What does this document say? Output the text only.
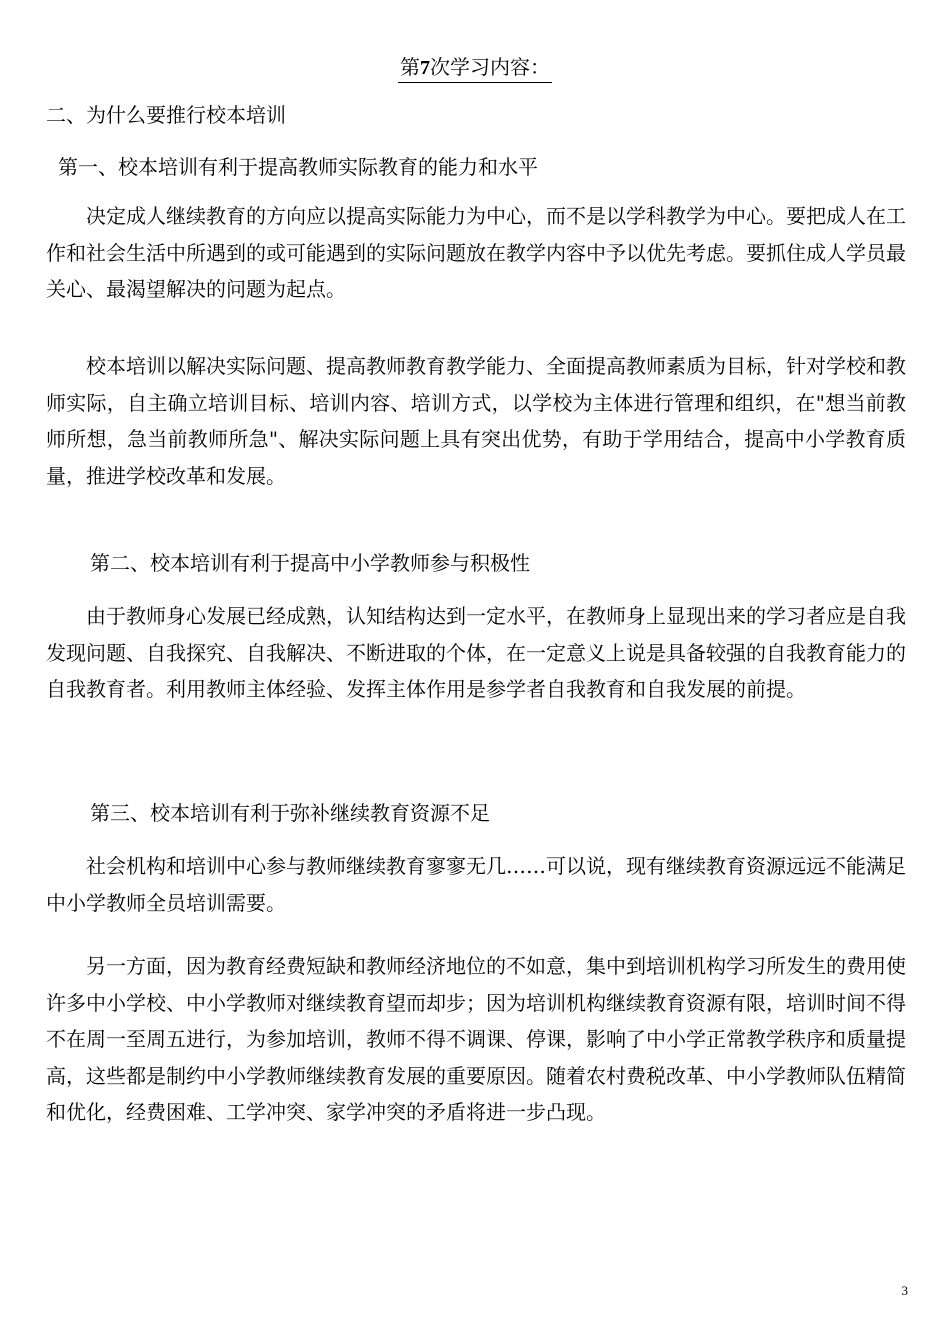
第7次学习内容：
二、为什么要推行校本培训
第一、校本培训有利于提高教师实际教育的能力和水平
决定成人继续教育的方向应以提高实际能力为中心，而不是以学科教学为中心。要把成人在工作和社会生活中所遇到的或可能遇到的实际问题放在教学内容中予以优先考虑。要抓住成人学员最关心、最渴望解决的问题为起点。
校本培训以解决实际问题、提高教师教育教学能力、全面提高教师素质为目标，针对学校和教师实际，自主确立培训目标、培训内容、培训方式，以学校为主体进行管理和组织，在"想当前教师所想，急当前教师所急"、解决实际问题上具有突出优势，有助于学用结合，提高中小学教育质量，推进学校改革和发展。
第二、校本培训有利于提高中小学教师参与积极性
由于教师身心发展已经成熟，认知结构达到一定水平，在教师身上显现出来的学习者应是自我发现问题、自我探究、自我解决、不断进取的个体，在一定意义上说是具备较强的自我教育能力的自我教育者。利用教师主体经验、发挥主体作用是参学者自我教育和自我发展的前提。
第三、校本培训有利于弥补继续教育资源不足
社会机构和培训中心参与教师继续教育寥寥无几……可以说，现有继续教育资源远远不能满足中小学教师全员培训需要。
另一方面，因为教育经费短缺和教师经济地位的不如意，集中到培训机构学习所发生的费用使许多中小学校、中小学教师对继续教育望而却步；因为培训机构继续教育资源有限，培训时间不得不在周一至周五进行，为参加培训，教师不得不调课、停课，影响了中小学正常教学秩序和质量提高，这些都是制约中小学教师继续教育发展的重要原因。随着农村费税改革、中小学教师队伍精简和优化，经费困难、工学冲突、家学冲突的矛盾将进一步凸现。
3
